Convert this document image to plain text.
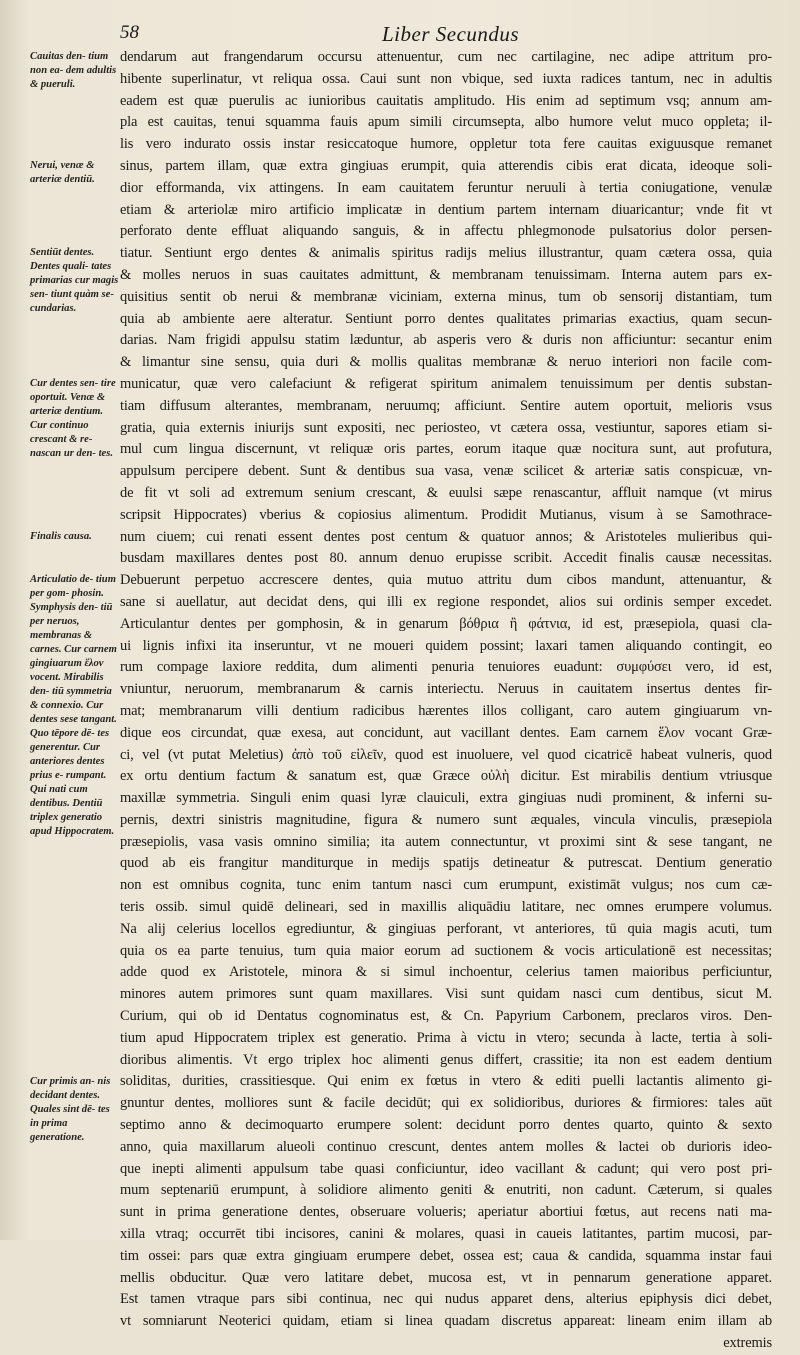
58	Liber Secundus
Cauitas den- tium non ea- dem adultis & pueruli.
Nerui, venæ & arteriæ dentiū.
Sentiūt dentes. Dentes quali- tates primarias cur magis sen- tiunt quàm se- cundarias.
Cur dentes sen- tire oportuit. Venæ & arteriæ dentium. Cur continuo crescant & re- nascan ur den- tes.
Finalis causa.
Articulatio de- tium per gom- phosin. Symphysis den- tiū per neruos, membranas & carnes. Cur carnem gingiuarum ἕλον vocent. Mirabilis den- tiū symmetria & connexio. Cur dentes sese tangant. Quo tēpore dē- tes generentur. Cur anteriores dentes prius e- rumpant. Qui nati cum dentibus. Dentiū triplex generatio apud Hippocratem.
Cur primis an- nis decidant dentes. Quales sint dē- tes in prima generatione.
dendarum aut frangendarum occursu attenuentur, cum nec cartilagine, nec adipe attritum pro-
hibente superlinatur, vt reliqua ossa. Caui sunt non vbique, sed iuxta radices tantum, nec in adultis
eadem est quæ puerulis ac iunioribus cauitatis amplitudo. His enim ad septimum vsq; annum am-
pla est cauitas, tenui squamma fauis apum simili circumsepta, albo humore velut muco oppleta; il-
lis vero indurato ossis instar resiccatoque humore, oppletur tota fere cauitas exiguusque remanet
sinus, partem illam, quæ extra gingiuas erumpit, quia atterendis cibis erat dicata, ideoque soli-
dior efformanda, vix attingens. In eam cauitatem feruntur neruuli à tertia coniugatione, venulæ
etiam & arteriolæ miro artificio implicatæ in dentium partem internam diuaricantur; vnde fit vt
perforato dente effluat aliquando sanguis, & in affectu phlegmonode pulsatorius dolor persen-
tiatur. Sentiunt ergo dentes & animalis spiritus radijs melius illustrantur, quam cætera ossa, quia
& molles neruos in suas cauitates admittunt, & membranam tenuissimam. Interna autem pars ex-
quisitius sentit ob nerui & membranæ viciniam, externa minus, tum ob sensorij distantiam, tum
quia ab ambiente aere alteratur. Sentiunt porro dentes qualitates primarias exactius, quam secun-
darias. Nam frigidi appulsu statim læduntur, ab asperis vero & duris non afficiuntur: secantur enim
& limantur sine sensu, quia duri & mollis qualitas membranæ & neruo interiori non facile com-
municatur, quæ vero calefaciunt & refigerat spiritum animalem tenuissimum per dentis substan-
tiam diffusum alterantes, membranam, neruumq; afficiunt. Sentire autem oportuit, melioris vsus
gratia, quia externis iniurijs sunt expositi, nec periosteo, vt cætera ossa, vestiuntur, sapores etiam si-
mul cum lingua discernunt, vt reliquæ oris partes, eorum itaque quæ nocitura sunt, aut profutura,
appulsum percipere debent. Sunt & dentibus sua vasa, venæ scilicet & arteriæ satis conspicuæ, vn-
de fit vt soli ad extremum senium crescant, & euulsi sæpe renascantur, affluit namque (vt mirus
scripsit Hippocrates) vberius & copiosius alimentum. Prodidit Mutianus, visum à se Samothrace-
num ciuem; cui renati essent dentes post centum & quatuor annos; & Aristoteles mulieribus qui-
busdam maxillares dentes post 80. annum denuo erupisse scribit. Accedit finalis causæ necessitas.
Debuerunt perpetuo accrescere dentes, quia mutuo attritu dum cibos mandunt, attenuantur, &
sane si auellatur, aut decidat dens, qui illi ex regione respondet, alios sui ordinis semper excedet.
Articulantur dentes per gomphosin, & in genarum βόθρια ἢ φάτνια, id est, præsepiola, quasi cla-
ui lignis infixi ita inseruntur, vt ne moueri quidem possint; laxari tamen aliquando contingit, eo
rum compage laxiore reddita, dum alimenti penuria tenuiores euadunt: συμφύσει vero, id est,
vniuntur, neruorum, membranarum & carnis interiectu. Neruus in cauitatem insertus dentes fir-
mat; membranarum villi dentium radicibus hærentes illos colligant, caro autem gingiuarum vn-
dique eos circundat, quæ exesa, aut concidunt, aut vacillant dentes. Eam carnem ἕλον vocant Græ-
ci, vel (vt putat Meletius) ἀπὸ τοῦ εἰλεῖν, quod est inuoluere, vel quod cicatricē habeat vulneris, quod
ex ortu dentium factum & sanatum est, quæ Græce οὐλὴ dicitur. Est mirabilis dentium vtriusque
maxillæ symmetria. Singuli enim quasi lyræ clauiculi, extra gingiuas nudi prominent, & inferni su-
pernis, dextri sinistris magnitudine, figura & numero sunt æquales, vincula vinculis, præsepiola
præsepiolis, vasa vasis omnino similia; ita autem connectuntur, vt proximi sint & sese tangant, ne
quod ab eis frangitur manditurque in medijs spatijs detineatur & putrescat. Dentium generatio
non est omnibus cognita, tunc enim tantum nasci cum erumpunt, existimāt vulgus; nos cum cæ-
teris ossib. simul quidē delineari, sed in maxillis aliquādiu latitare, nec omnes erumpere volumus.
Na alij celerius locellos egrediuntur, & gingiuas perforant, vt anteriores, tū quia magis acuti, tum
quia os ea parte tenuius, tum quia maior eorum ad suctionem & vocis articulationē est necessitas;
adde quod ex Aristotele, minora & si simul inchoentur, celerius tamen maioribus perficiuntur,
minores autem primores sunt quam maxillares. Visi sunt quidam nasci cum dentibus, sicut M.
Curium, qui ob id Dentatus cognominatus est, & Cn. Papyrium Carbonem, preclaros viros. Den-
tium apud Hippocratem triplex est generatio. Prima à victu in vtero; secunda à lacte, tertia à soli-
dioribus alimentis. Vt ergo triplex hoc alimenti genus differt, crassitie; ita non est eadem dentium
soliditas, durities, crassitiesque. Qui enim ex fœtus in vtero & editi puelli lactantis alimento gi-
gnuntur dentes, molliores sunt & facile decidūt; qui ex solidioribus, duriores & firmiores: tales aūt
septimo anno & decimoquarto erumpere solent: decidunt porro dentes quarto, quinto & sexto
anno, quia maxillarum alueoli continuo crescunt, dentes antem molles & lactei ob durioris ideo-
que inepti alimenti appulsum tabe quasi conficiuntur, ideo vacillant & cadunt; qui vero post pri-
mum septenariū erumpunt, à solidiore alimento geniti & enutriti, non cadunt. Cæterum, si quales
sunt in prima generatione dentes, obseruare volueris; aperiatur abortiui fœtus, aut recens nati ma-
xilla vtraq; occurrēt tibi incisores, canini & molares, quasi in caueis latitantes, partim mucosi, par-
tim ossei: pars quæ extra gingiuam erumpere debet, ossea est; caua & candida, squamma instar faui
mellis obducitur. Quæ vero latitare debet, mucosa est, vt in pennarum generatione apparet.
Est tamen vtraque pars sibi continua, nec qui nudus apparet dens, alterius epiphysis dici debet,
vt somniarunt Neoterici quidam, etiam si linea quadam discretus appareat: lineam enim illam ab
extremis
